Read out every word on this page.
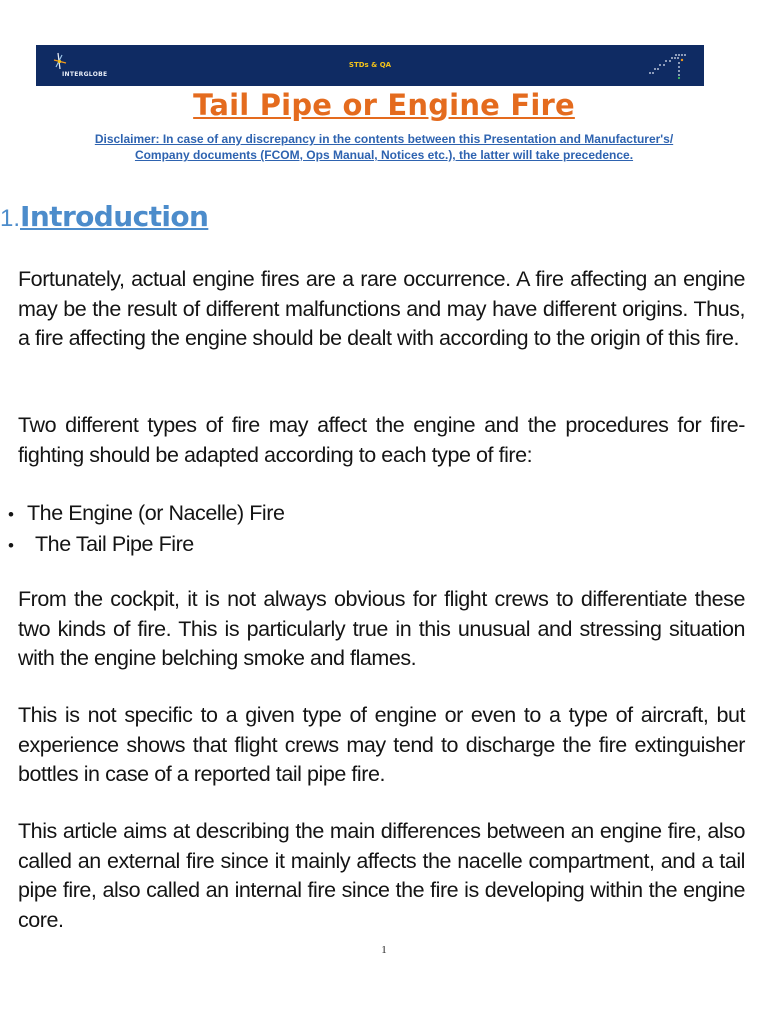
INTERGLOBE
STDs & QA
Tail Pipe or Engine Fire
Disclaimer: In case of any discrepancy in the contents between this Presentation and Manufacturer's/
Company documents (FCOM, Ops Manual, Notices etc.), the latter will take precedence.
1.Introduction

Fortunately, actual engine fires are a rare occurrence. A fire affecting an engine may be the result of different malfunctions and may have different origins. Thus, a fire affecting the engine should be dealt with according to the origin of this fire.

Two different types of fire may affect the engine and the procedures for fire-fighting should be adapted according to each type of fire:

• The Engine (or Nacelle) Fire
• The Tail Pipe Fire

From the cockpit, it is not always obvious for flight crews to differentiate these two kinds of fire. This is particularly true in this unusual and stressing situation with the engine belching smoke and flames.

This is not specific to a given type of engine or even to a type of aircraft, but experience shows that flight crews may tend to discharge the fire extinguisher bottles in case of a reported tail pipe fire.

This article aims at describing the main differences between an engine fire, also called an external fire since it mainly affects the nacelle compartment, and a tail pipe fire, also called an internal fire since the fire is developing within the engine core.

1
